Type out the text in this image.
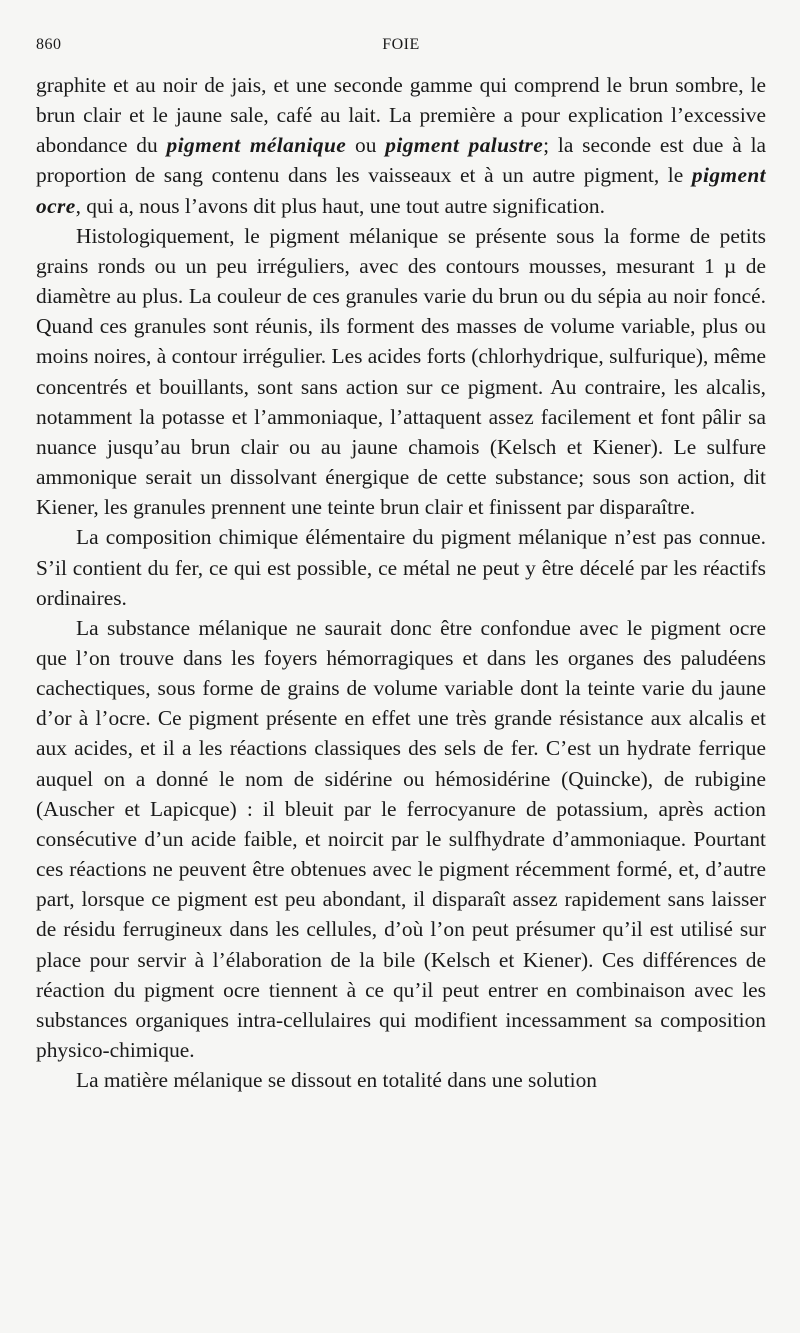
860	FOIE

graphite et au noir de jais, et une seconde gamme qui comprend le brun sombre, le brun clair et le jaune sale, café au lait. La première a pour explication l’excessive abondance du pigment mélanique ou pigment palustre; la seconde est due à la proportion de sang contenu dans les vaisseaux et à un autre pigment, le pigment ocre, qui a, nous l’avons dit plus haut, une tout autre signification.

Histologiquement, le pigment mélanique se présente sous la forme de petits grains ronds ou un peu irréguliers, avec des contours mousses, mesurant 1 µ de diamètre au plus. La couleur de ces granules varie du brun ou du sépia au noir foncé. Quand ces granules sont réunis, ils forment des masses de volume variable, plus ou moins noires, à contour irrégulier. Les acides forts (chlorhydrique, sulfurique), même concentrés et bouillants, sont sans action sur ce pigment. Au contraire, les alcalis, notamment la potasse et l’ammoniaque, l’attaquent assez facilement et font pâlir sa nuance jusqu’au brun clair ou au jaune chamois (Kelsch et Kiener). Le sulfure ammonique serait un dissolvant énergique de cette substance; sous son action, dit Kiener, les granules prennent une teinte brun clair et finissent par disparaître.

La composition chimique élémentaire du pigment mélanique n’est pas connue. S’il contient du fer, ce qui est possible, ce métal ne peut y être décelé par les réactifs ordinaires.

La substance mélanique ne saurait donc être confondue avec le pigment ocre que l’on trouve dans les foyers hémorragiques et dans les organes des paludéens cachectiques, sous forme de grains de volume variable dont la teinte varie du jaune d’or à l’ocre. Ce pigment présente en effet une très grande résistance aux alcalis et aux acides, et il a les réactions classiques des sels de fer. C’est un hydrate ferrique auquel on a donné le nom de sidérine ou hémosidérine (Quincke), de rubigine (Auscher et Lapicque) : il bleuit par le ferrocyanure de potassium, après action consécutive d’un acide faible, et noircit par le sulfhydrate d’ammoniaque. Pourtant ces réactions ne peuvent être obtenues avec le pigment récemment formé, et, d’autre part, lorsque ce pigment est peu abondant, il disparaît assez rapidement sans laisser de résidu ferrugineux dans les cellules, d’où l’on peut présumer qu’il est utilisé sur place pour servir à l’élaboration de la bile (Kelsch et Kiener). Ces différences de réaction du pigment ocre tiennent à ce qu’il peut entrer en combinaison avec les substances organiques intra-cellulaires qui modifient incessamment sa composition physico-chimique.

La matière mélanique se dissout en totalité dans une solution
